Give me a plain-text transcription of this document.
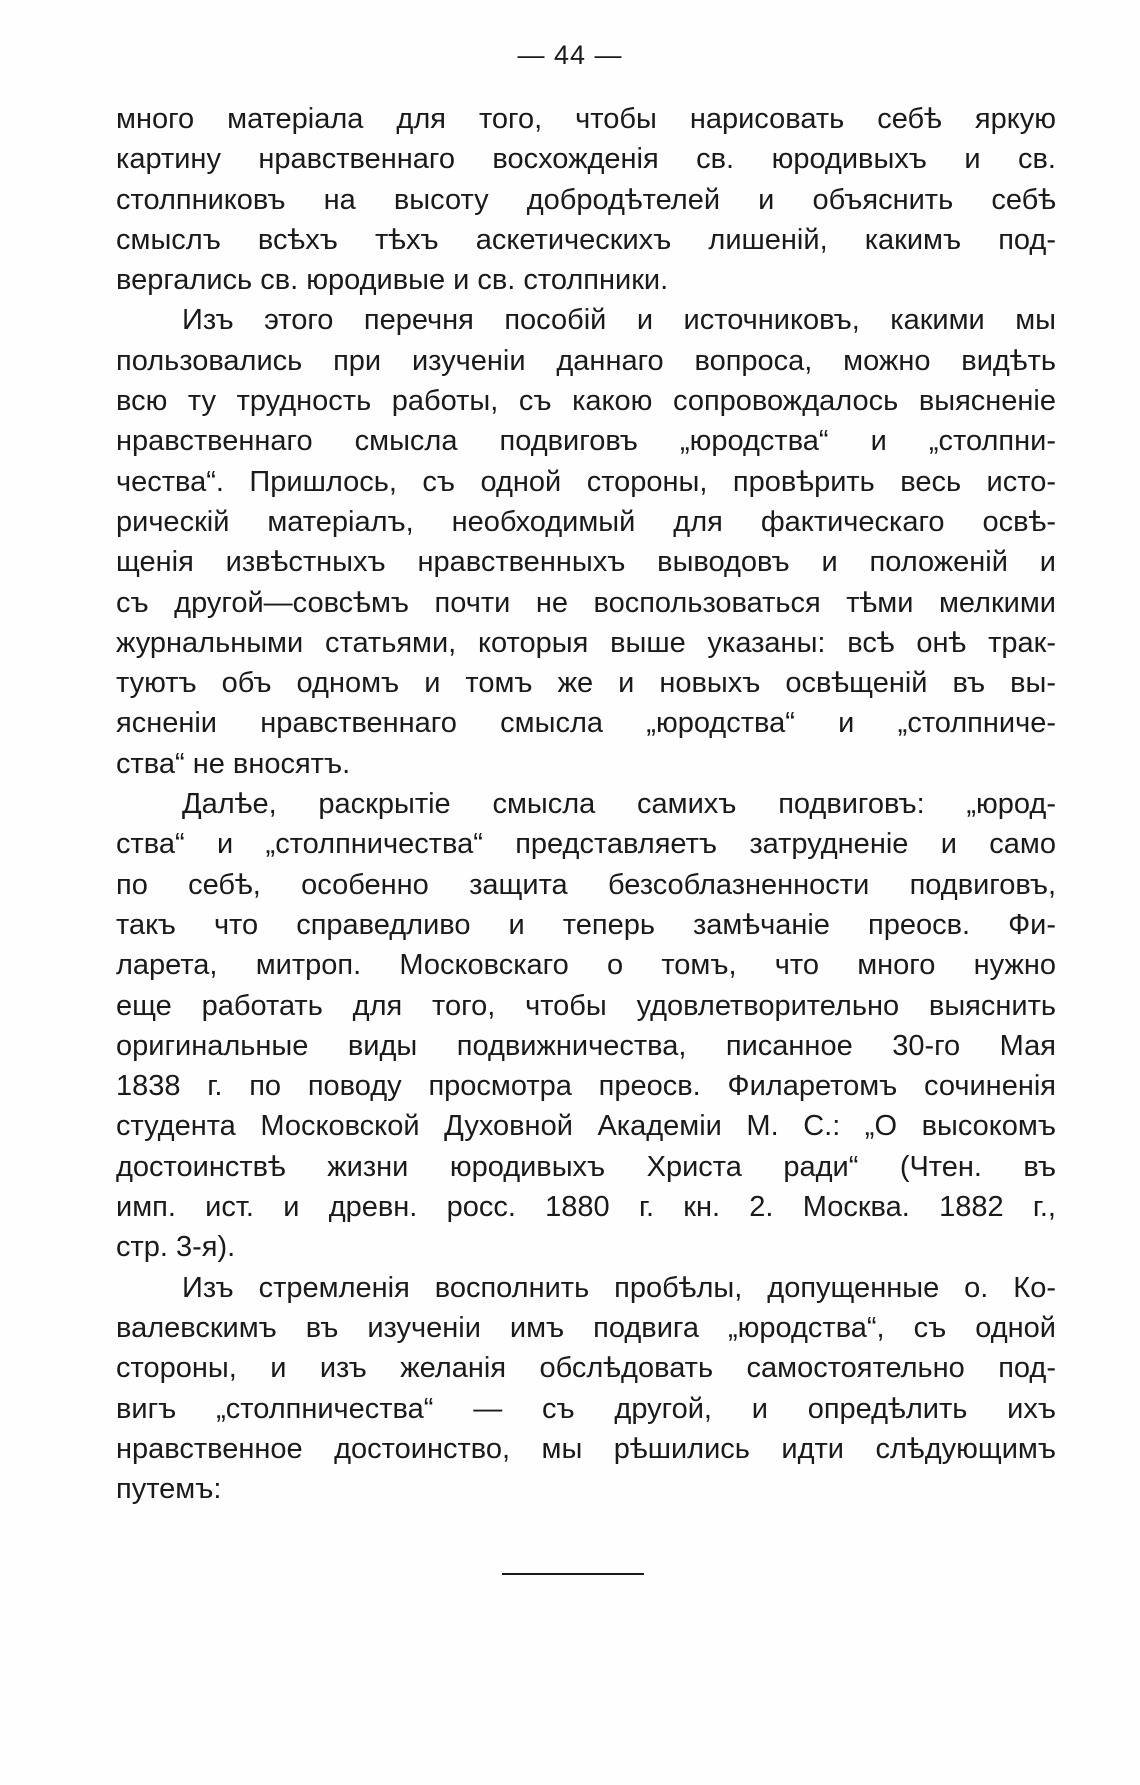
— 44 —

много матеріала для того, чтобы нарисовать себѣ яркую
картину нравственнаго восхожденія св. юродивыхъ и св.
столпниковъ на высоту добродѣтелей и объяснить себѣ
смыслъ всѣхъ тѣхъ аскетическихъ лишеній, какимъ под-
вергались св. юродивые и св. столпники.

Изъ этого перечня пособій и источниковъ, какими мы
пользовались при изученіи даннаго вопроса, можно видѣть
всю ту трудность работы, съ какою сопровождалось выясненіе
нравственнаго смысла подвиговъ „юродства“ и „столпни-
чества“. Пришлось, съ одной стороны, провѣрить весь исто-
рическій матеріалъ, необходимый для фактическаго освѣ-
щенія извѣстныхъ нравственныхъ выводовъ и положеній и
съ другой—совсѣмъ почти не воспользоваться тѣми мелкими
журнальными статьями, которыя выше указаны: всѣ онѣ трак-
туютъ объ одномъ и томъ же и новыхъ освѣщеній въ вы-
ясненіи нравственнаго смысла „юродства“ и „столпниче-
ства“ не вносятъ.

Далѣе, раскрытіе смысла самихъ подвиговъ: „юрод-
ства“ и „столпничества“ представляетъ затрудненіе и само
по себѣ, особенно защита безсоблазненности подвиговъ,
такъ что справедливо и теперь замѣчаніе преосв. Фи-
ларета, митроп. Московскаго о томъ, что много нужно
еще работать для того, чтобы удовлетворительно выяснить
оригинальные виды подвижничества, писанное 30-го Мая
1838 г. по поводу просмотра преосв. Филаретомъ сочиненія
студента Московской Духовной Академіи М. С.: „О высокомъ
достоинствѣ жизни юродивыхъ Христа ради“ (Чтен. въ
имп. ист. и древн. росс. 1880 г. кн. 2. Москва. 1882 г.,
стр. 3-я).

Изъ стремленія восполнить пробѣлы, допущенные о. Ко-
валевскимъ въ изученіи имъ подвига „юродства“, съ одной
стороны, и изъ желанія обслѣдовать самостоятельно под-
вигъ „столпничества“ — съ другой, и опредѣлить ихъ
нравственное достоинство, мы рѣшились идти слѣдующимъ
путемъ:
